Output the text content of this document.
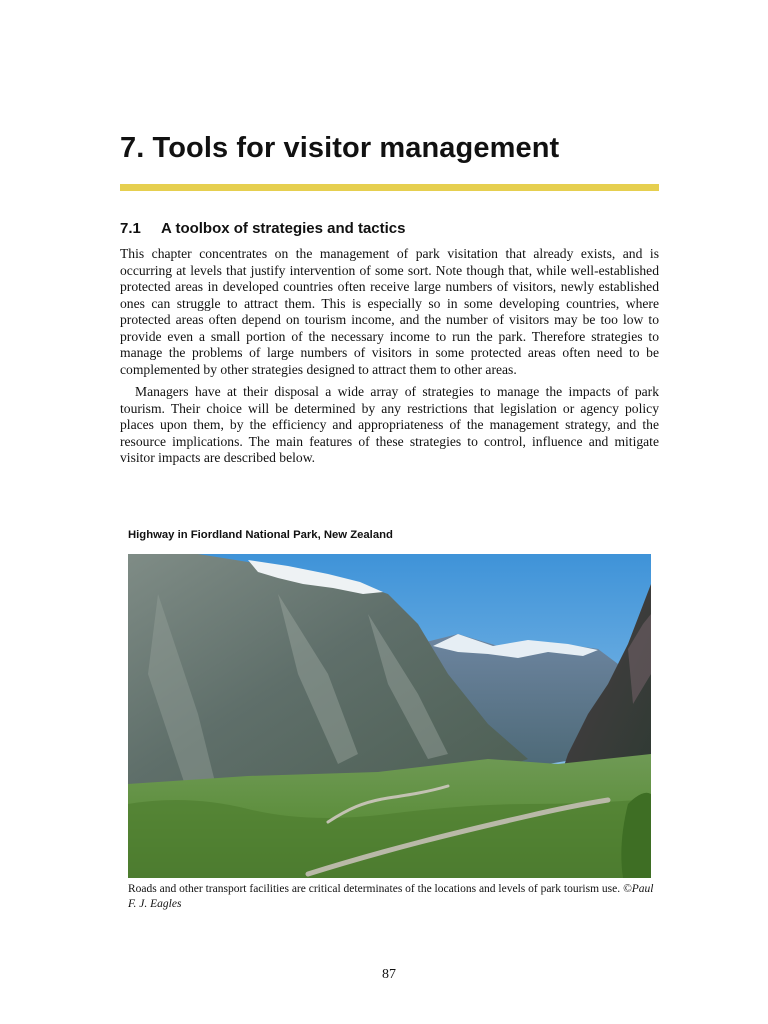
7. Tools for visitor management
7.1 A toolbox of strategies and tactics

This chapter concentrates on the management of park visitation that already exists, and is occurring at levels that justify intervention of some sort. Note though that, while well-established protected areas in developed countries often receive large numbers of visitors, newly established ones can struggle to attract them. This is especially so in some developing countries, where protected areas often depend on tourism income, and the number of visitors may be too low to provide even a small portion of the necessary income to run the park. Therefore strategies to manage the problems of large numbers of visitors in some protected areas often need to be complemented by other strategies designed to attract them to other areas.

Managers have at their disposal a wide array of strategies to manage the impacts of park tourism. Their choice will be determined by any restrictions that legislation or agency policy places upon them, by the efficiency and appropriateness of the management strategy, and the resource implications. The main features of these strategies to control, influence and mitigate visitor impacts are described below.

Highway in Fiordland National Park, New Zealand
Roads and other transport facilities are critical determinates of the locations and levels of park tourism use. ©Paul F. J. Eagles
87
